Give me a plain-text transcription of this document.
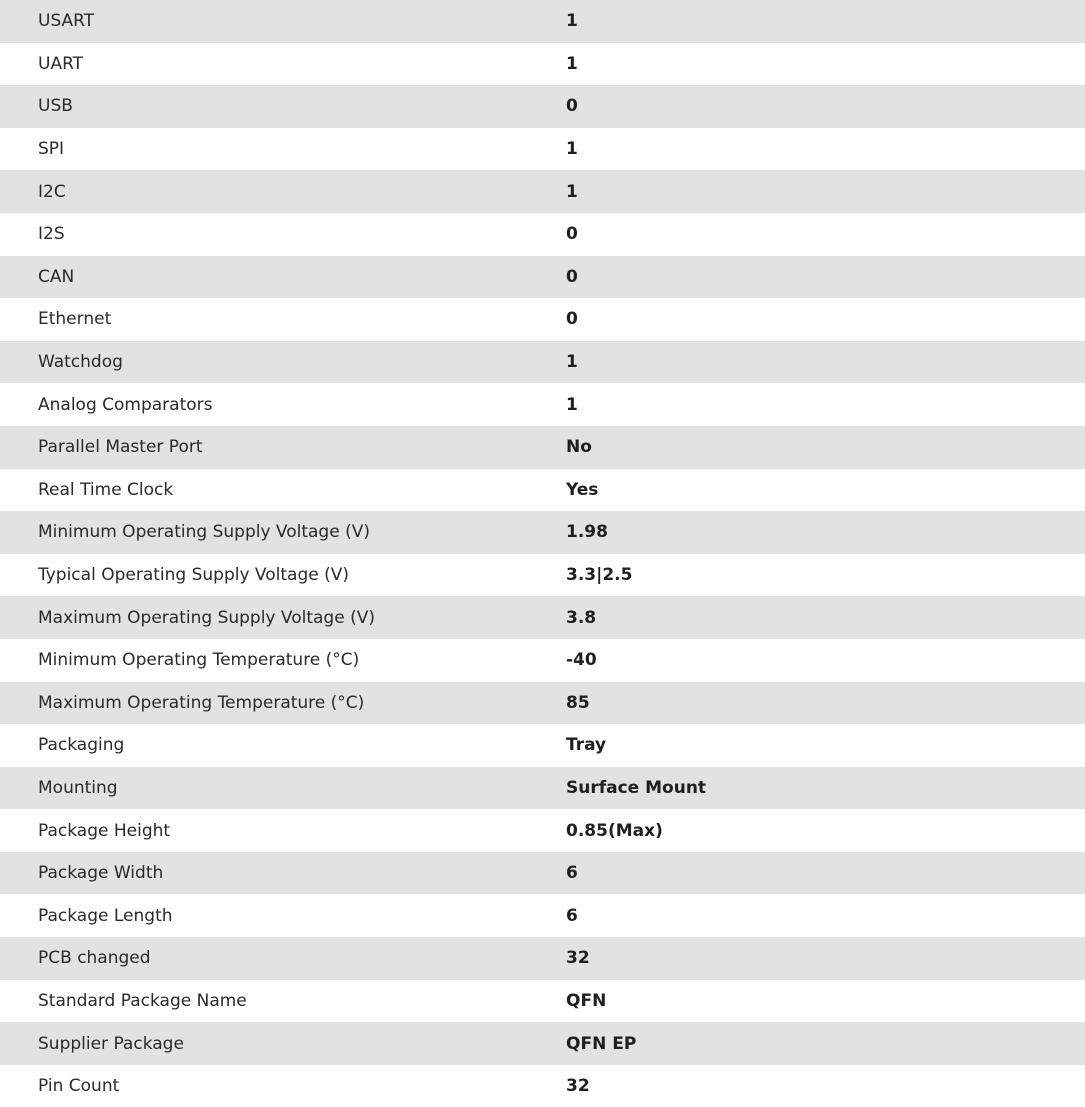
USART	1
UART	1
USB	0
SPI	1
I2C	1
I2S	0
CAN	0
Ethernet	0
Watchdog	1
Analog Comparators	1
Parallel Master Port	No
Real Time Clock	Yes
Minimum Operating Supply Voltage (V)	1.98
Typical Operating Supply Voltage (V)	3.3|2.5
Maximum Operating Supply Voltage (V)	3.8
Minimum Operating Temperature (°C)	-40
Maximum Operating Temperature (°C)	85
Packaging	Tray
Mounting	Surface Mount
Package Height	0.85(Max)
Package Width	6
Package Length	6
PCB changed	32
Standard Package Name	QFN
Supplier Package	QFN EP
Pin Count	32
